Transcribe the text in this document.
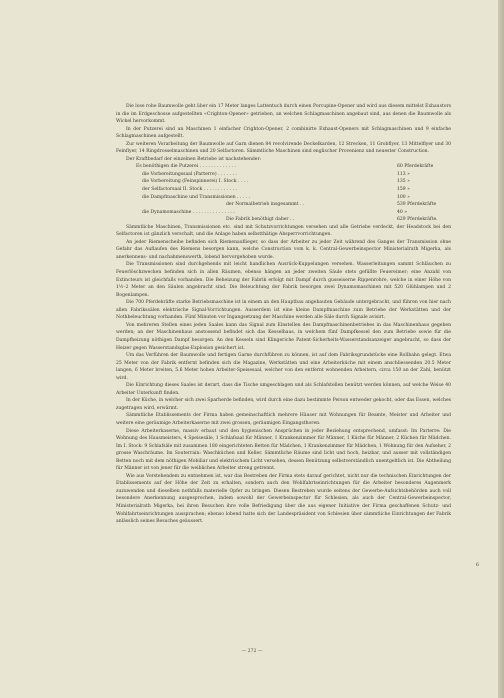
Die lose rohe Baumwolle geht über ein 17 Meter langes Lattentuch durch einen Porcupine-Opener und wird aus diesem mittelst Exhaustors in die im Erdgeschosse aufgestellten «Crighton-Opener» getrieben, an welchen Schlagmaschinen angebaut sind, aus denen die Baumwolle als Wickel hervorkommt.

In der Putzerei sind an Maschinen 1 einfacher Crighton-Opener, 2 combinirte Exhaust-Openers mit Schlagmaschinen und 9 einfache Schlagmaschinen aufgestellt.

Zur weiteren Vorarbeitung der Baumwolle auf Garn dienen 84 revolvirende Deckelkarden, 12 Strecken, 11 Grobflyer, 13 Mittelflyer und 30 Feinflyer, 14 Ringdrosselmaschinen und 20 Selfactoren. Sämmtliche Maschinen sind englischer Provenienz und neuester Construction.

Der Kraftbedarf der einzelnen Betriebe ist nachstehender:

Es benöthigen die Putzerei . . . . . . . . . . . . .	60 Pferdekräfte
die Vorbereitungssaal (Parterre) . . . . . . .	113 »
die Vorbereitung (Feinspinnerei) I. Stock . . . .	135 »
der Selfactorsaal II. Stock . . . . . . . . . . . .	159 »
die Dampfmaschine und Transmissionen . . . . .	100 »
der Normalbetrieb insgesammt . .	539 Pferdekräfte
die Dynamomaschine . . . . . . . . . . . . . . .	40 »
Die Fabrik benöthigt daher . .	629 Pferdekräfte.

Sämmtliche Maschinen, Transmissionen etc. sind mit Schutzvorrichtungen versehen und alle Getriebe verdeckt, der Headstock bei den Selfactoren ist gänzlich verschalt, und die Anlage haben selbstthätige Absperrvorrichtungen.

An jeder Riemenscheibe befinden sich Riemenauflieger, so dass der Arbeiter zu jeder Zeit während des Ganges der Transmission ohne Gefahr das Auflaufen des Riemens besorgen kann, welche Construction vom k. k. Central-Gewerbeinspector Ministerialrath Migerka, als anerkennens- und nachahmenswerth, lobend hervorgehoben wurde.

Die Transmissionen sind durchgehends mit leicht handlichen Ausrück-Kuppelungen versehen. Wasserleitungen sammt Schläuchen zu Feuerlöschzwecken befinden sich in allen Räumen, ebenso hängen an jeder zweiten Säule stets gefüllte Feuereimer; eine Anzahl von Extincteurs ist gleichfalls vorhanden. Die Beheizung der Fabrik erfolgt mit Dampf durch gusseiserne Rippenrohre, welche in einer Höhe von 1½–2 Meter an den Säulen angebracht sind. Die Beleuchtung der Fabrik besorgen zwei Dynamomaschinen mit 520 Glühlampen und 2 Bogenlampen.

Die 700 Pferdekräfte starke Betriebsmaschine ist in einem an den Hauptbau angebauten Gebäude untergebracht, und führen von hier nach allen Fabrikssälen elektrische Signal-Vorrichtungen. Ausserdem ist eine kleine Dampfmaschine zum Betriebe der Werkstätten und der Nothbeleuchtung vorhanden. Fünf Minuten vor Ingangsetzung der Maschine werden alle Säle durch Signale avisirt.

Von mehreren Stellen eines jeden Saales kann das Signal zum Einstellen des Dampfmaschinenbetriebes in das Maschinenhaus gegeben werden; an der Maschinenhaus anstossend befindet sich das Kesselhaus, in welchem fünf Dampfkessel den zum Betriebe sowie für die Dampfheizung nöthigen Dampf besorgen. An den Kesseln sind Klingeriche Patent-Sicherheits-Wasserstandsanzeiger angebracht, so dass der Heizer gegen Wasserstandsglas-Explosion gesichert ist.

Um das Verführen der Baumwolle und fertigen Garne durchführen zu können, ist auf dem Fabriksgrundstücke eine Rollbahn gelegt. Etwa 25 Meter von der Fabrik entfernt befinden sich die Magazine, Werkstätten und eine Arbeiterküche mit einem anschliessenden 20.5 Meter langen, 6 Meter breiten, 5.6 Meter hohen Arbeiter-Speisesaal, welcher von den entfernt wohnenden Arbeitern, circa 150 an der Zahl, benützt wird.

Die Einrichtung dieses Saales ist derart, dass die Tische umgeschlagen und als Schlafstellen benützt werden können, auf welche Weise 40 Arbeiter Unterkunft finden.

In der Küche, in welcher sich zwei Sparherde befinden, wird durch eine dazu bestimmte Person entweder gekocht, oder das Essen, welches zugetragen wird, erwärmt.

Sämmtliche Etablissements der Firma haben gemeinschaftlich mehrere Häuser mit Wohnungen für Beamte, Meister und Arbeiter und weitere eine geräumige Arbeiterkaserne mit zwei grossen, geräumigen Eingangsthoren.

Diese Arbeiterkaserne, massiv erbaut und den hygienischen Ansprüchen in jeder Beziehung entsprechend, umfasst: Im Parterre: Die Wohnung des Hausmeisters, 4 Speisesäle, 1 Schlafsaal für Männer, 1 Krankenzimmer für Männer, 1 Küche für Männer, 2 Küchen für Mädchen. Im I. Stock: 9 Schlafsäle mit zusammen 180 eingerichteten Betten für Mädchen, 1 Krankenzimmer für Mädchen, 1 Wohnung für den Aufseher, 2 grosse Waschräume. Im Souterrain: Waschküchen und Keller. Sämmtliche Räume sind licht und hoch, heizbar, und ausser mit vollständigen Betten noch mit dem nöthigen Mobiliar und elektrischem Licht versehen, dessen Benützung selbstverständlich unentgeltlich ist. Die Abtheilung für Männer ist von jener für die weiblichen Arbeiter streng getrennt.

Wie aus Vorstehendem zu entnehmen ist, war das Bestreben der Firma stets darauf gerichtet, nicht nur die technischen Einrichtungen der Etablissements auf der Höhe der Zeit zu erhalten, sondern auch den Wohlfahrtseinrichtungen für die Arbeiter besonderes Augenmerk zuzuwenden und dieselben nothfalls materielle Opfer zu bringen. Diesen Bestreben wurde seitens der Gewerbe-Aufsichtsbehörden auch voll besondere Anerkennung ausgesprochen, indem sowohl der Gewerbeinspector für Schlesien, als auch der Central-Gewerbeinspector, Ministerialrath Migerka, bei ihren Besuchen ihre volle Befriedigung über die aus eigener Initiative der Firma geschaffenen Schutz- und Wohlfahrtseinrichtungen aussprachen; ebenso lobend hatte sich der Landespräsident von Schlesien über sämmtliche Einrichtungen der Fabrik anlässlich seines Besuches geäussert.

— 272 —
6
